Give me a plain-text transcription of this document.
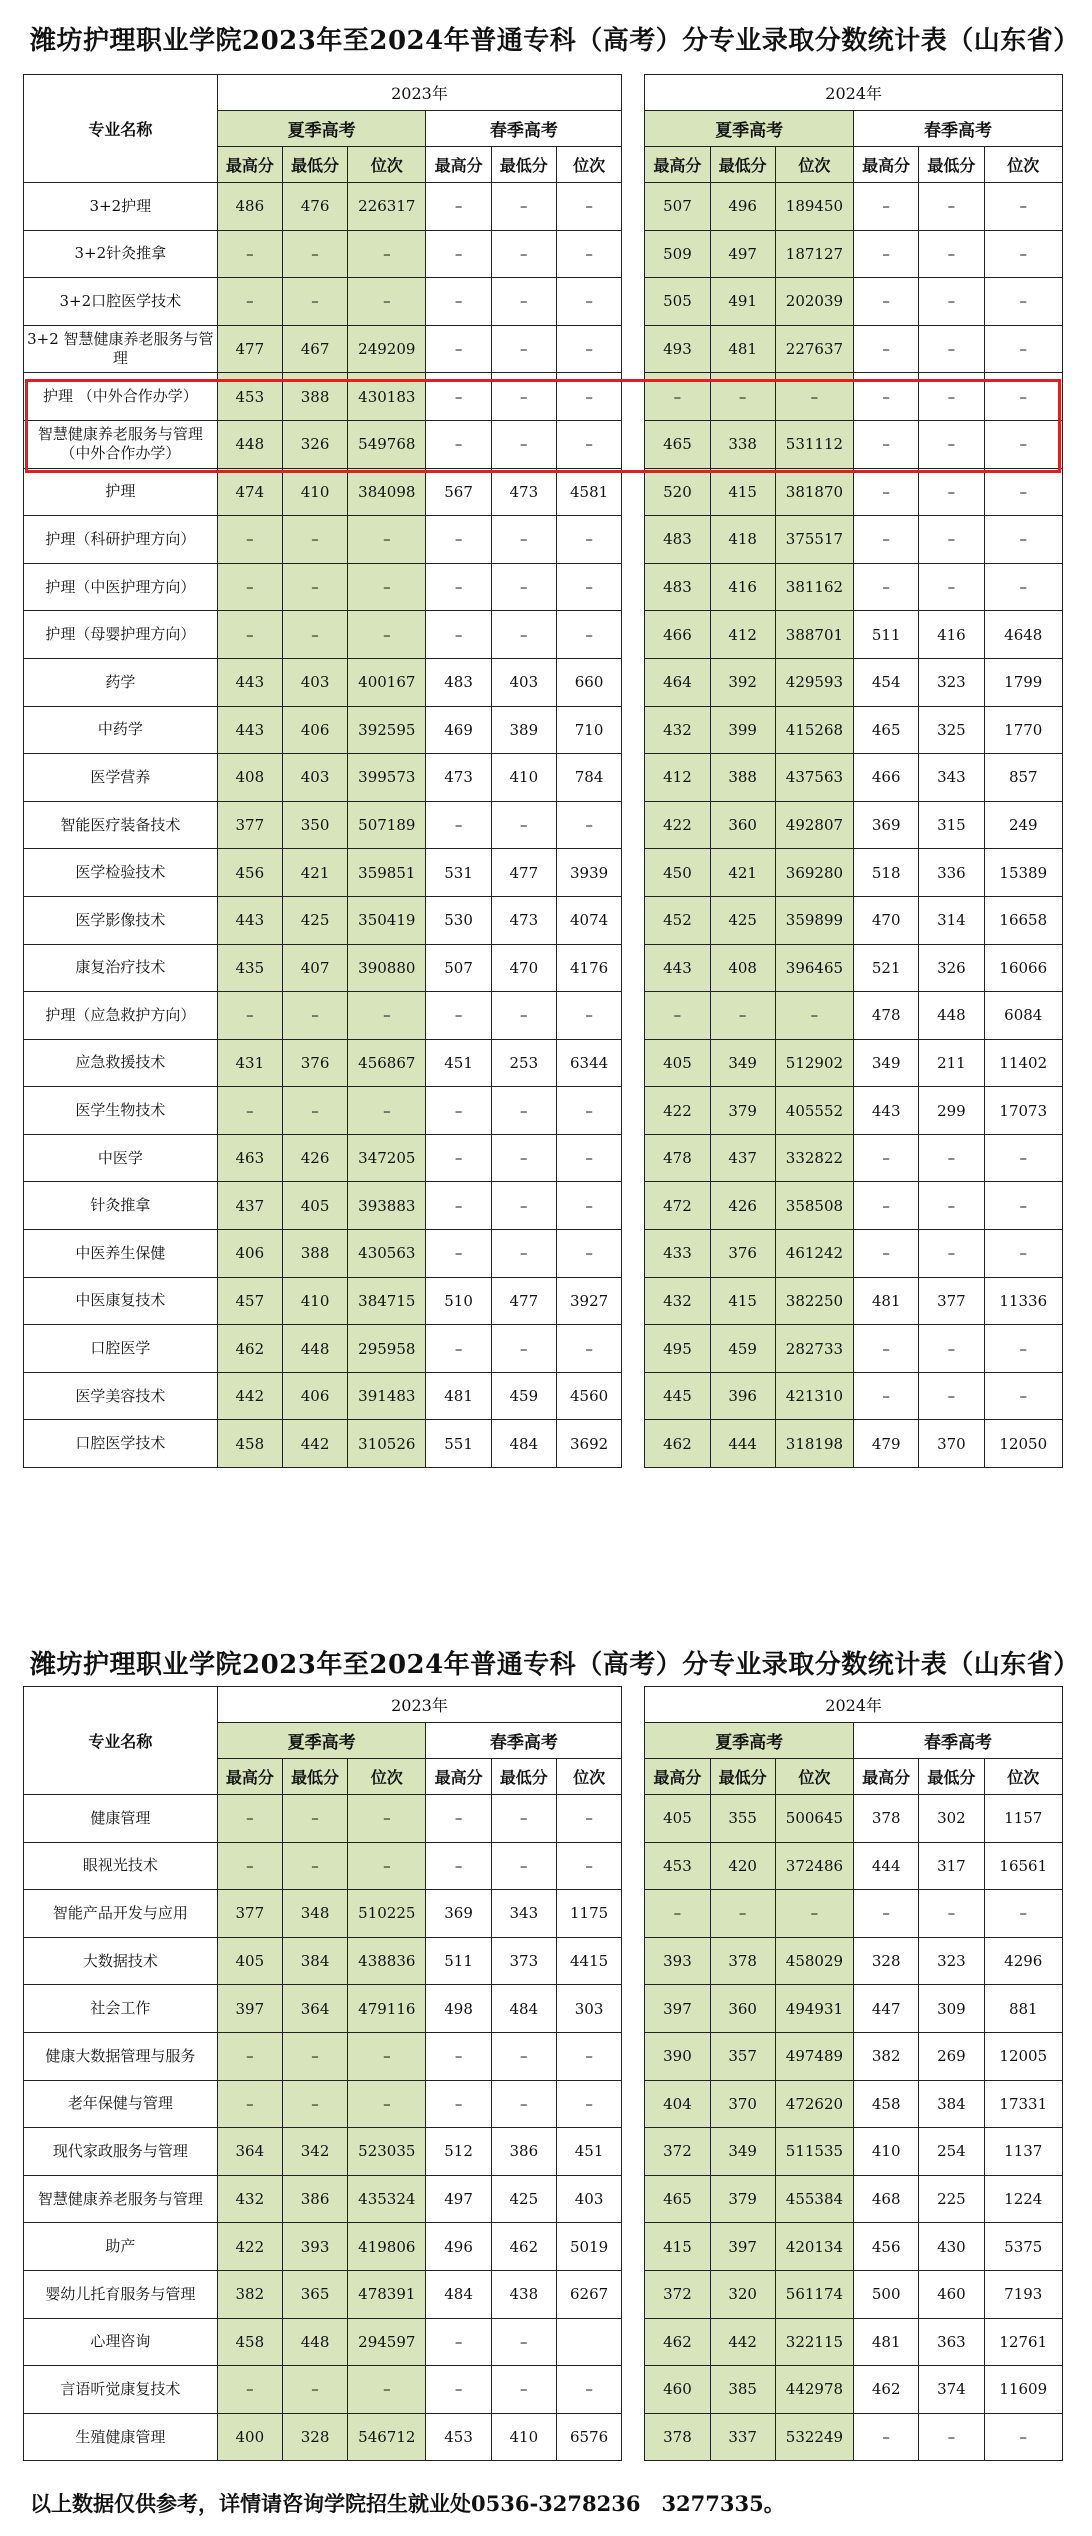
潍坊护理职业学院2023年至2024年普通专科（高考）分专业录取分数统计表（山东省）
专业名称	2023年							2024年					
	夏季高考			春季高考				夏季高考			春季高考		
	最高分	最低分	位次	最高分	最低分	位次		最高分	最低分	位次	最高分	最低分	位次
3+2护理	486	476	226317	–	–	–		507	496	189450	–	–	–
3+2针灸推拿	–	–	–	–	–	–		509	497	187127	–	–	–
3+2口腔医学技术	–	–	–	–	–	–		505	491	202039	–	–	–
3+2 智慧健康养老服务与管理	477	467	249209	–	–	–		493	481	227637	–	–	–
护理 （中外合作办学）	453	388	430183	–	–	–		–	–	–	–	–	–
智慧健康养老服务与管理 （中外合作办学）	448	326	549768	–	–	–		465	338	531112	–	–	–
护理	474	410	384098	567	473	4581		520	415	381870	–	–	–
护理（科研护理方向）	–	–	–	–	–	–		483	418	375517	–	–	–
护理（中医护理方向）	–	–	–	–	–	–		483	416	381162	–	–	–
护理（母婴护理方向）	–	–	–	–	–	–		466	412	388701	511	416	4648
药学	443	403	400167	483	403	660		464	392	429593	454	323	1799
中药学	443	406	392595	469	389	710		432	399	415268	465	325	1770
医学营养	408	403	399573	473	410	784		412	388	437563	466	343	857
智能医疗装备技术	377	350	507189	–	–	–		422	360	492807	369	315	249
医学检验技术	456	421	359851	531	477	3939		450	421	369280	518	336	15389
医学影像技术	443	425	350419	530	473	4074		452	425	359899	470	314	16658
康复治疗技术	435	407	390880	507	470	4176		443	408	396465	521	326	16066
护理（应急救护方向）	–	–	–	–	–	–		–	–	–	478	448	6084
应急救援技术	431	376	456867	451	253	6344		405	349	512902	349	211	11402
医学生物技术	–	–	–	–	–	–		422	379	405552	443	299	17073
中医学	463	426	347205	–	–	–		478	437	332822	–	–	–
针灸推拿	437	405	393883	–	–	–		472	426	358508	–	–	–
中医养生保健	406	388	430563	–	–	–		433	376	461242	–	–	–
中医康复技术	457	410	384715	510	477	3927		432	415	382250	481	377	11336
口腔医学	462	448	295958	–	–	–		495	459	282733	–	–	–
医学美容技术	442	406	391483	481	459	4560		445	396	421310	–	–	–
口腔医学技术	458	442	310526	551	484	3692		462	444	318198	479	370	12050
潍坊护理职业学院2023年至2024年普通专科（高考）分专业录取分数统计表（山东省）
专业名称	2023年							2024年					
	夏季高考			春季高考				夏季高考			春季高考		
	最高分	最低分	位次	最高分	最低分	位次		最高分	最低分	位次	最高分	最低分	位次
健康管理	–	–	–	–	–	–		405	355	500645	378	302	1157
眼视光技术	–	–	–	–	–	–		453	420	372486	444	317	16561
智能产品开发与应用	377	348	510225	369	343	1175		–	–	–	–	–	–
大数据技术	405	384	438836	511	373	4415		393	378	458029	328	323	4296
社会工作	397	364	479116	498	484	303		397	360	494931	447	309	881
健康大数据管理与服务	–	–	–	–	–	–		390	357	497489	382	269	12005
老年保健与管理	–	–	–	–	–	–		404	370	472620	458	384	17331
现代家政服务与管理	364	342	523035	512	386	451		372	349	511535	410	254	1137
智慧健康养老服务与管理	432	386	435324	497	425	403		465	379	455384	468	225	1224
助产	422	393	419806	496	462	5019		415	397	420134	456	430	5375
婴幼儿托育服务与管理	382	365	478391	484	438	6267		372	320	561174	500	460	7193
心理咨询	458	448	294597	–	–			462	442	322115	481	363	12761
言语听觉康复技术	–	–	–	–	–	–		460	385	442978	462	374	11609
生殖健康管理	400	328	546712	453	410	6576		378	337	532249	–	–	–
以上数据仅供参考，详情请咨询学院招生就业处0536-3278236　3277335。
